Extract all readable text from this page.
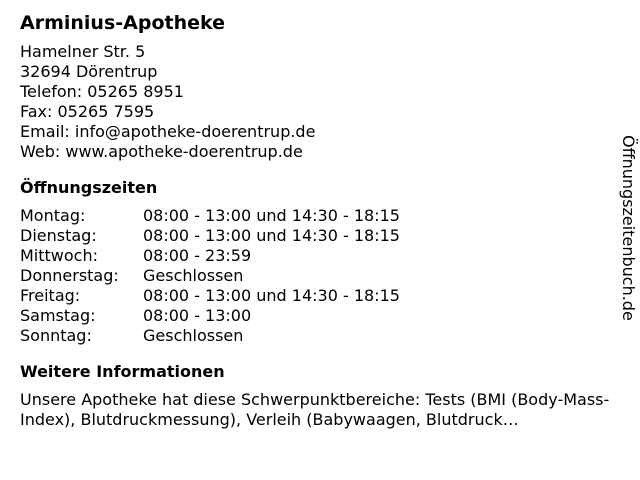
Arminius-Apotheke
Hamelner Str. 5
32694 Dörentrup
Telefon: 05265 8951
Fax: 05265 7595
Email: info@apotheke-doerentrup.de
Web: www.apotheke-doerentrup.de
Öffnungszeiten
Montag:	08:00 - 13:00 und 14:30 - 18:15
Dienstag:	08:00 - 13:00 und 14:30 - 18:15
Mittwoch:	08:00 - 23:59
Donnerstag:	Geschlossen
Freitag:	08:00 - 13:00 und 14:30 - 18:15
Samstag:	08:00 - 13:00
Sonntag:	Geschlossen
Weitere Informationen
Unsere Apotheke hat diese Schwerpunktbereiche: Tests (BMI (Body-Mass-Index), Blutdruckmessung), Verleih (Babywaagen, Blutdruck…
Öffnungszeitenbuch.de
